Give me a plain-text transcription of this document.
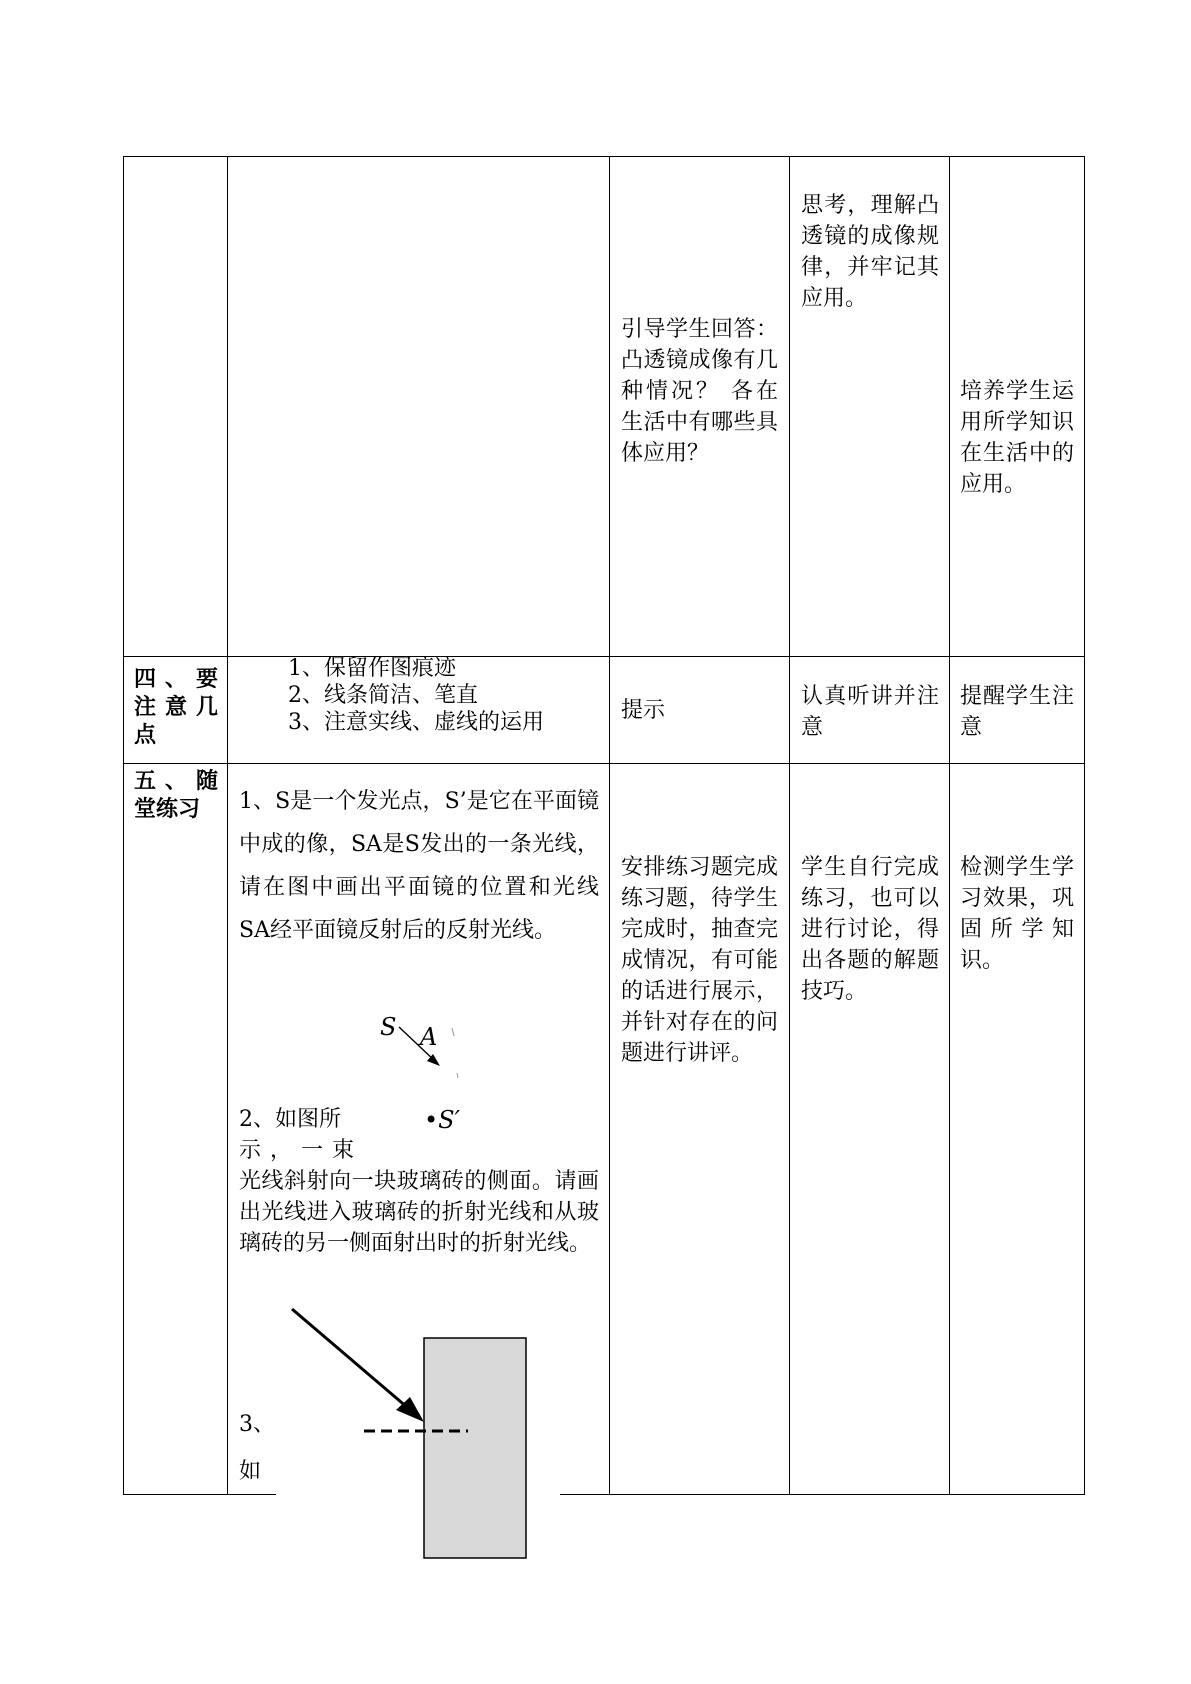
引导学生回答：凸透镜成像有几种情况？ 各在生活中有哪些具体应用？
思考，理解凸透镜的成像规律，并牢记其应用。
培养学生运用所学知识在生活中的应用。
四、要注意几点
1、保留作图痕迹
2、线条简洁、笔直
3、注意实线、虚线的运用	提示
认真听讲并注意
提醒学生注意
五、随堂练习	1、S是一个发光点，S’是它在平面镜中成的像，SA是S发出的一条光线，请在图中画出平面镜的位置和光线SA经平面镜反射后的反射光线。
S A
•S′
2、如图所
示，一束
光线斜射向一块玻璃砖的侧面。请画出光线进入玻璃砖的折射光线和从玻璃砖的另一侧面射出时的折射光线。
3、
如
安排练习题完成练习题，待学生完成时，抽查完成情况，有可能的话进行展示，并针对存在的问题进行讲评。
学生自行完成练习，也可以进行讨论，得出各题的解题技巧。
检测学生学习效果，巩固所学知识。
